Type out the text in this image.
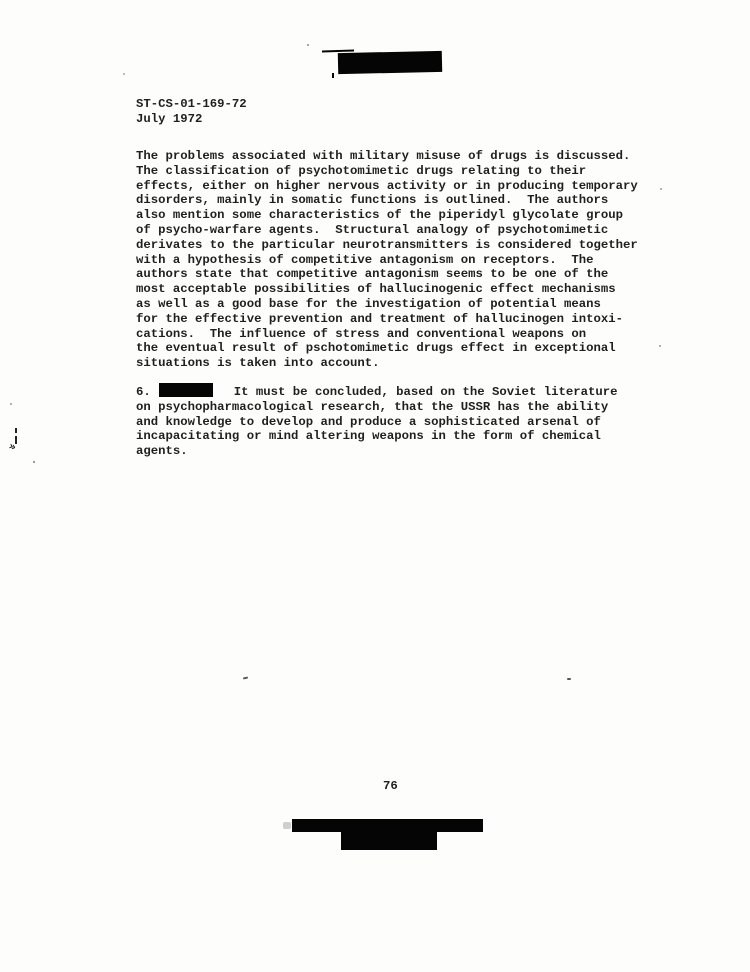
ST-CS-01-169-72
July 1972
The problems associated with military misuse of drugs is discussed.
The classification of psychotomimetic drugs relating to their
effects, either on higher nervous activity or in producing temporary
disorders, mainly in somatic functions is outlined.  The authors
also mention some characteristics of the piperidyl glycolate group
of psycho-warfare agents.  Structural analogy of psychotomimetic
derivates to the particular neurotransmitters is considered together
with a hypothesis of competitive antagonism on receptors.  The
authors state that competitive antagonism seems to be one of the
most acceptable possibilities of hallucinogenic effect mechanisms
as well as a good base for the investigation of potential means
for the effective prevention and treatment of hallucinogen intoxi-
cations.  The influence of stress and conventional weapons on
the eventual result of pschotomimetic drugs effect in exceptional
situations is taken into account.
6.	It must be concluded, based on the Soviet literature
on psychopharmacological research, that the USSR has the ability
and knowledge to develop and produce a sophisticated arsenal of
incapacitating or mind altering weapons in the form of chemical
agents.
»
76
